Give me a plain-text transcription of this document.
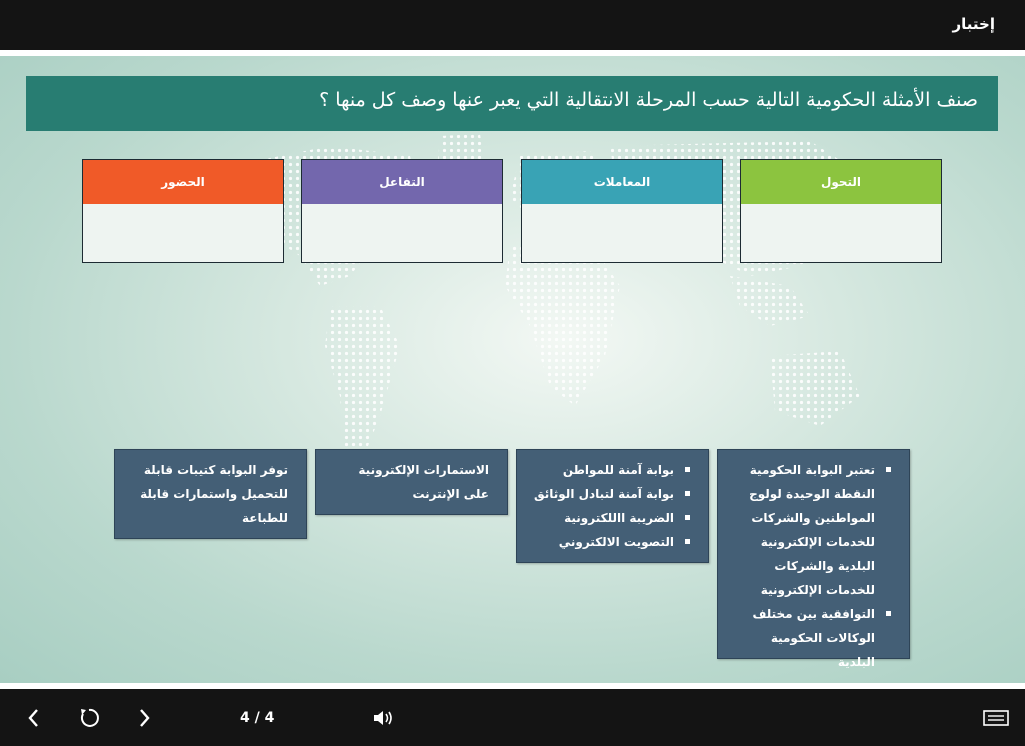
إختبار
صنف الأمثلة الحكومية التالية حسب المرحلة الانتقالية التي يعبر عنها وصف كل منها ؟
التحول
المعاملات
التفاعل
الحضور
تعتبر البوابة الحكومية النقطة الوحيدة لولوج المواطنين والشركات للخدمات الإلكترونية البلدية والشركات للخدمات الإلكترونية
التوافقية بين مختلف الوكالات الحكومية البلدية
بوابة آمنة للمواطن
بوابة آمنة لتبادل الوثائق
الضريبة االلكترونية
التصويت الالكتروني
الاستمارات الإلكترونية على الإنترنت
توفر البوابة كتيبات قابلة للتحميل واستمارات قابلة للطباعة
4 / 4
